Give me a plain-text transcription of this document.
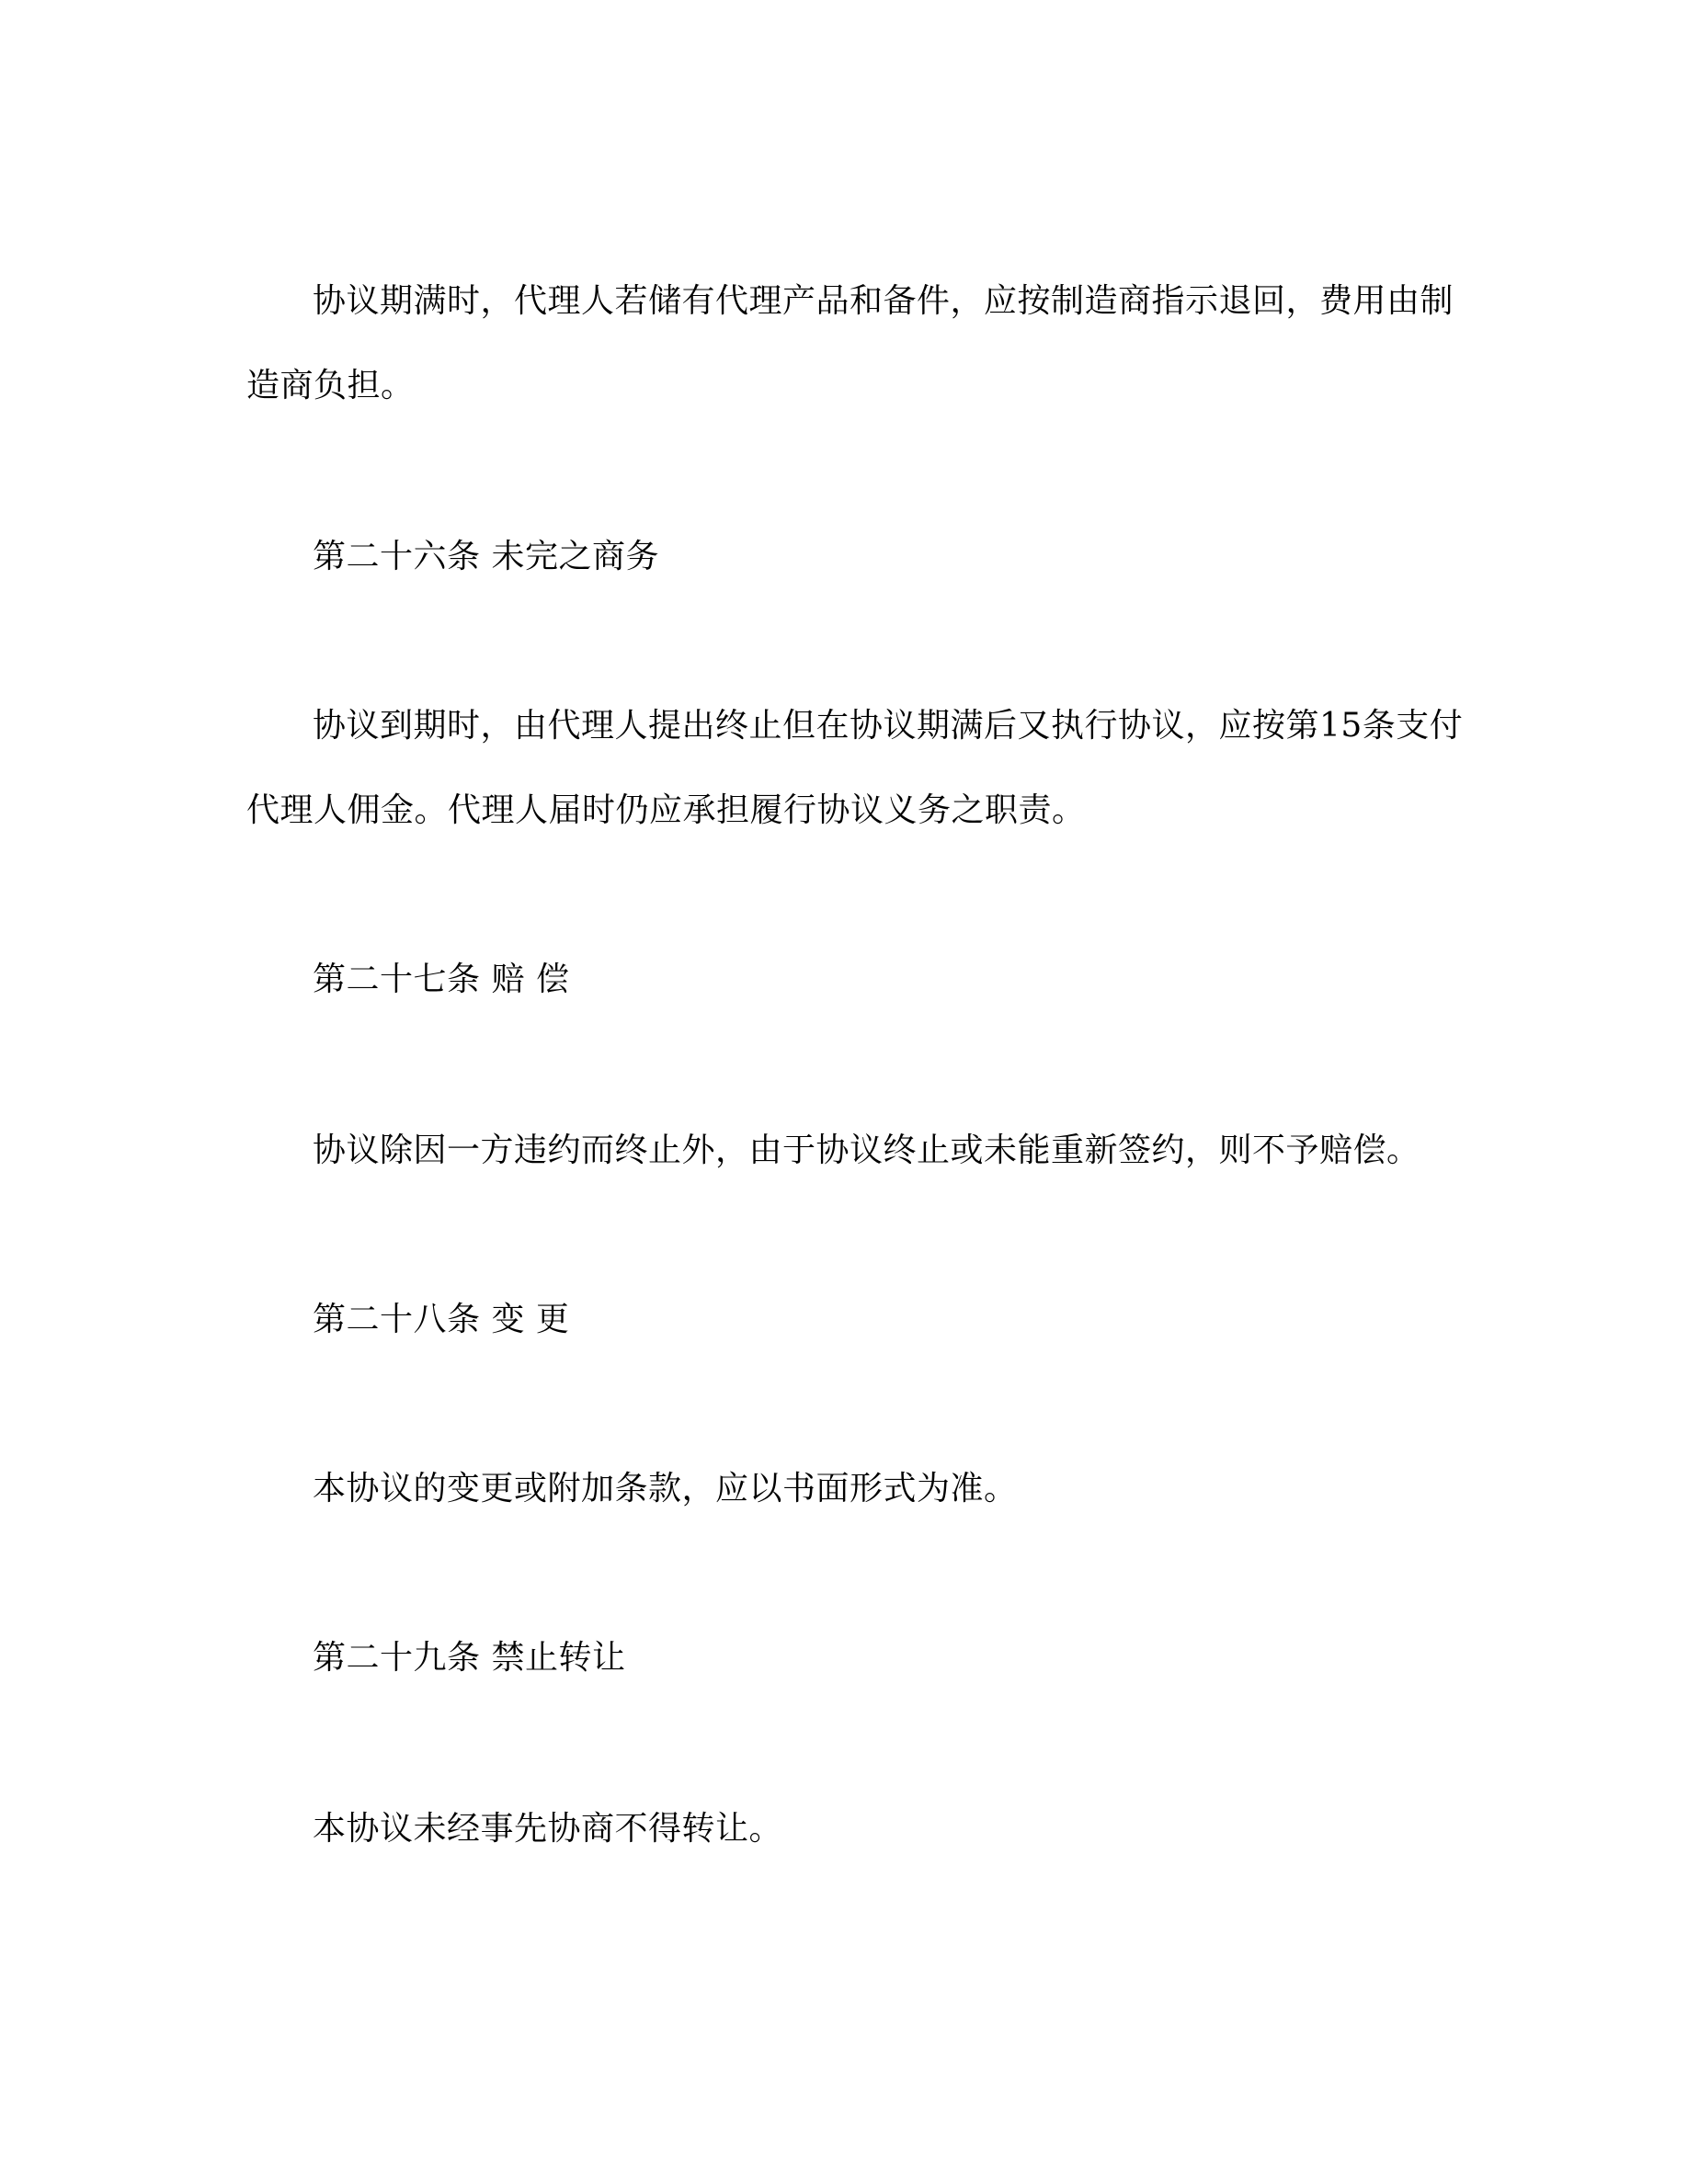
协议期满时，代理人若储有代理产品和备件，应按制造商指示退回，费用由制
造商负担。
第二十六条 未完之商务
协议到期时，由代理人提出终止但在协议期满后又执行协议，应按第15条支付
代理人佣金。代理人届时仍应承担履行协议义务之职责。
第二十七条 赔 偿
协议除因一方违约而终止外，由于协议终止或未能重新签约，则不予赔偿。
第二十八条 变 更
本协议的变更或附加条款，应以书面形式为准。
第二十九条 禁止转让
本协议未经事先协商不得转让。
